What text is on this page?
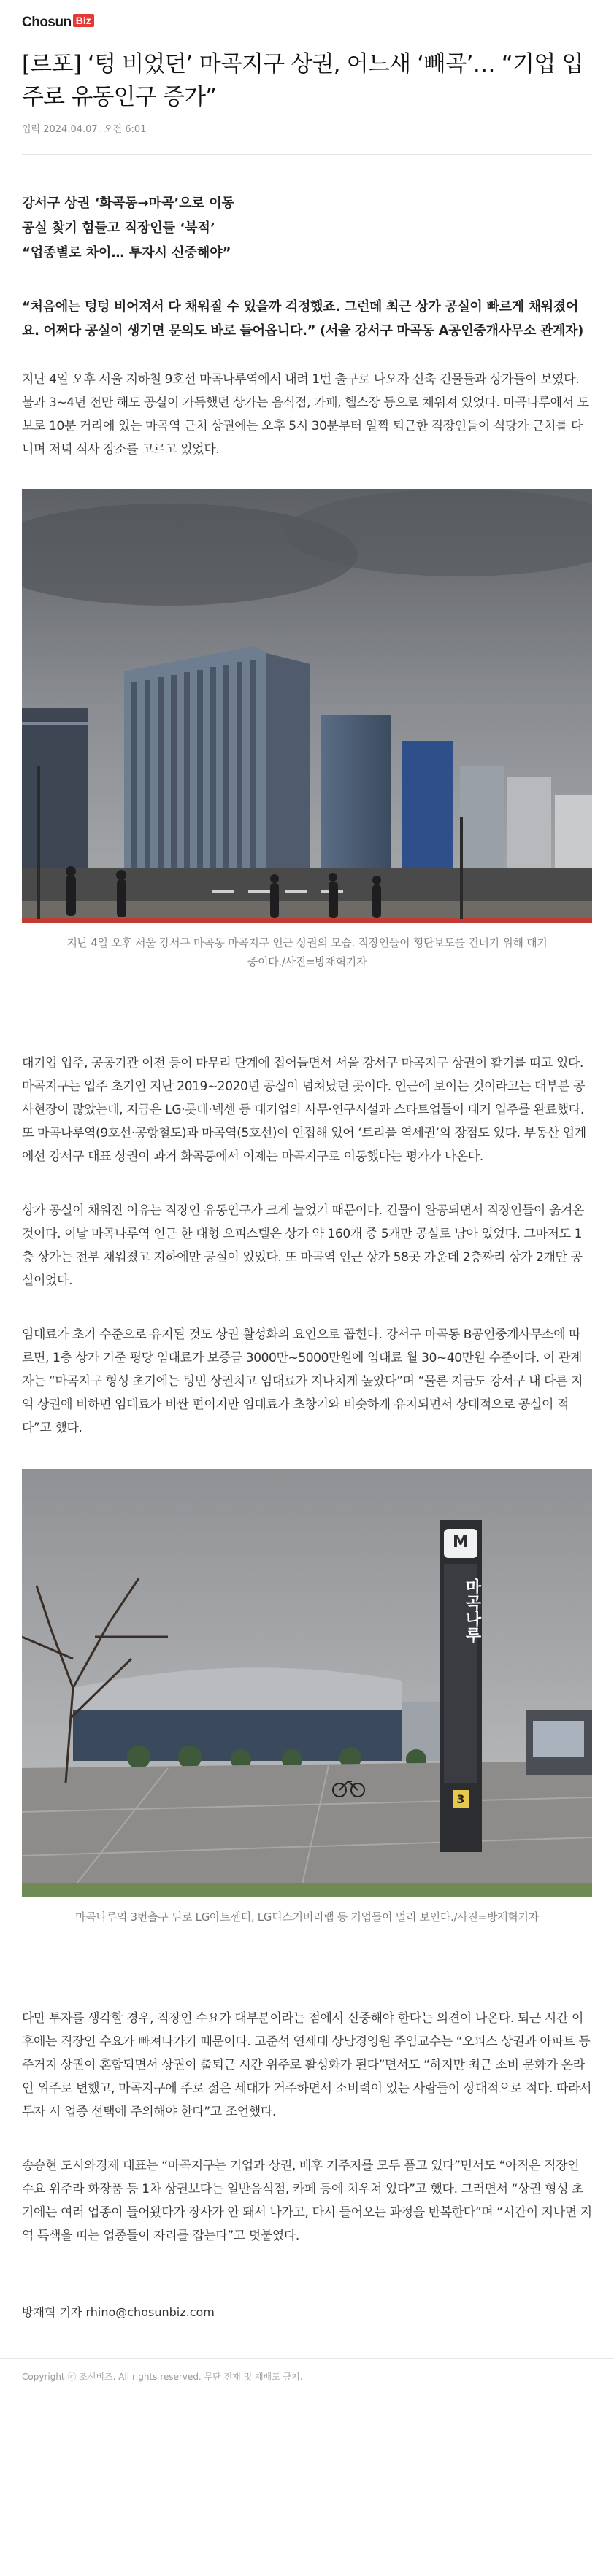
Chosun Biz
[르포] ‘텅 비었던’ 마곡지구 상권, 어느새 ‘빼곡’… “기업 입주로 유동인구 증가”
입력 2024.04.07. 오전 6:01
강서구 상권 ‘화곡동→마곡’으로 이동
공실 찾기 힘들고 직장인들 ‘북적’
“업종별로 차이… 투자시 신중해야”

“처음에는 텅텅 비어져서 다 채워질 수 있을까 걱정했죠. 그런데 최근 상가 공실이 빠르게 채워졌어요. 어쩌다 공실이 생기면 문의도 바로 들어옵니다.” (서울 강서구 마곡동 A공인중개사무소 관계자)

지난 4일 오후 서울 지하철 9호선 마곡나루역에서 내려 1번 출구로 나오자 신축 건물들과 상가들이 보였다. 불과 3~4년 전만 해도 공실이 가득했던 상가는 음식점, 카페, 헬스장 등으로 채워져 있었다. 마곡나루에서 도보로 10분 거리에 있는 마곡역 근처 상권에는 오후 5시 30분부터 일찍 퇴근한 직장인들이 식당가 근처를 다니며 저녁 식사 장소를 고르고 있었다.

지난 4일 오후 서울 강서구 마곡동 마곡지구 인근 상권의 모습. 직장인들이 횡단보도를 건너기 위해 대기중이다./사진=방재혁기자

대기업 입주, 공공기관 이전 등이 마무리 단계에 접어들면서 서울 강서구 마곡지구 상권이 활기를 띠고 있다. 마곡지구는 입주 초기인 지난 2019~2020년 공실이 넘쳐났던 곳이다. 인근에 보이는 것이라고는 대부분 공사현장이 많았는데, 지금은 LG·롯데·넥센 등 대기업의 사무·연구시설과 스타트업들이 대거 입주를 완료했다. 또 마곡나루역(9호선·공항철도)과 마곡역(5호선)이 인접해 있어 ‘트리플 역세권’의 장점도 있다. 부동산 업계에선 강서구 대표 상권이 과거 화곡동에서 이제는 마곡지구로 이동했다는 평가가 나온다.

상가 공실이 채워진 이유는 직장인 유동인구가 크게 늘었기 때문이다. 건물이 완공되면서 직장인들이 옮겨온 것이다. 이날 마곡나루역 인근 한 대형 오피스텔은 상가 약 160개 중 5개만 공실로 남아 있었다. 그마저도 1층 상가는 전부 채워졌고 지하에만 공실이 있었다. 또 마곡역 인근 상가 58곳 가운데 2층짜리 상가 2개만 공실이었다.

임대료가 초기 수준으로 유지된 것도 상권 활성화의 요인으로 꼽힌다. 강서구 마곡동 B공인중개사무소에 따르면, 1층 상가 기준 평당 임대료가 보증금 3000만~5000만원에 임대료 월 30~40만원 수준이다. 이 관계자는 “마곡지구 형성 초기에는 텅빈 상권치고 임대료가 지나치게 높았다”며 “물론 지금도 강서구 내 다른 지역 상권에 비하면 임대료가 비싼 편이지만 임대료가 초창기와 비슷하게 유지되면서 상대적으로 공실이 적다”고 했다.

M
마곡나루
3
마곡나루역 3번출구 뒤로 LG아트센터, LG디스커버리랩 등 기업들이 멀리 보인다./사진=방재혁기자

다만 투자를 생각할 경우, 직장인 수요가 대부분이라는 점에서 신중해야 한다는 의견이 나온다. 퇴근 시간 이후에는 직장인 수요가 빠져나가기 때문이다. 고준석 연세대 상남경영원 주임교수는 “오피스 상권과 아파트 등 주거지 상권이 혼합되면서 상권이 출퇴근 시간 위주로 활성화가 된다”면서도 “하지만 최근 소비 문화가 온라인 위주로 변했고, 마곡지구에 주로 젊은 세대가 거주하면서 소비력이 있는 사람들이 상대적으로 적다. 따라서 투자 시 업종 선택에 주의해야 한다”고 조언했다.

송승현 도시와경제 대표는 “마곡지구는 기업과 상권, 배후 거주지를 모두 품고 있다”면서도 “아직은 직장인 수요 위주라 화장품 등 1차 상권보다는 일반음식점, 카페 등에 치우쳐 있다”고 했다. 그러면서 “상권 형성 초기에는 여러 업종이 들어왔다가 장사가 안 돼서 나가고, 다시 들어오는 과정을 반복한다”며 “시간이 지나면 지역 특색을 띠는 업종들이 자리를 잡는다”고 덧붙였다.

방재혁 기자 rhino@chosunbiz.com
Copyright ⓒ 조선비즈. All rights reserved. 무단 전재 및 재배포 금지.
